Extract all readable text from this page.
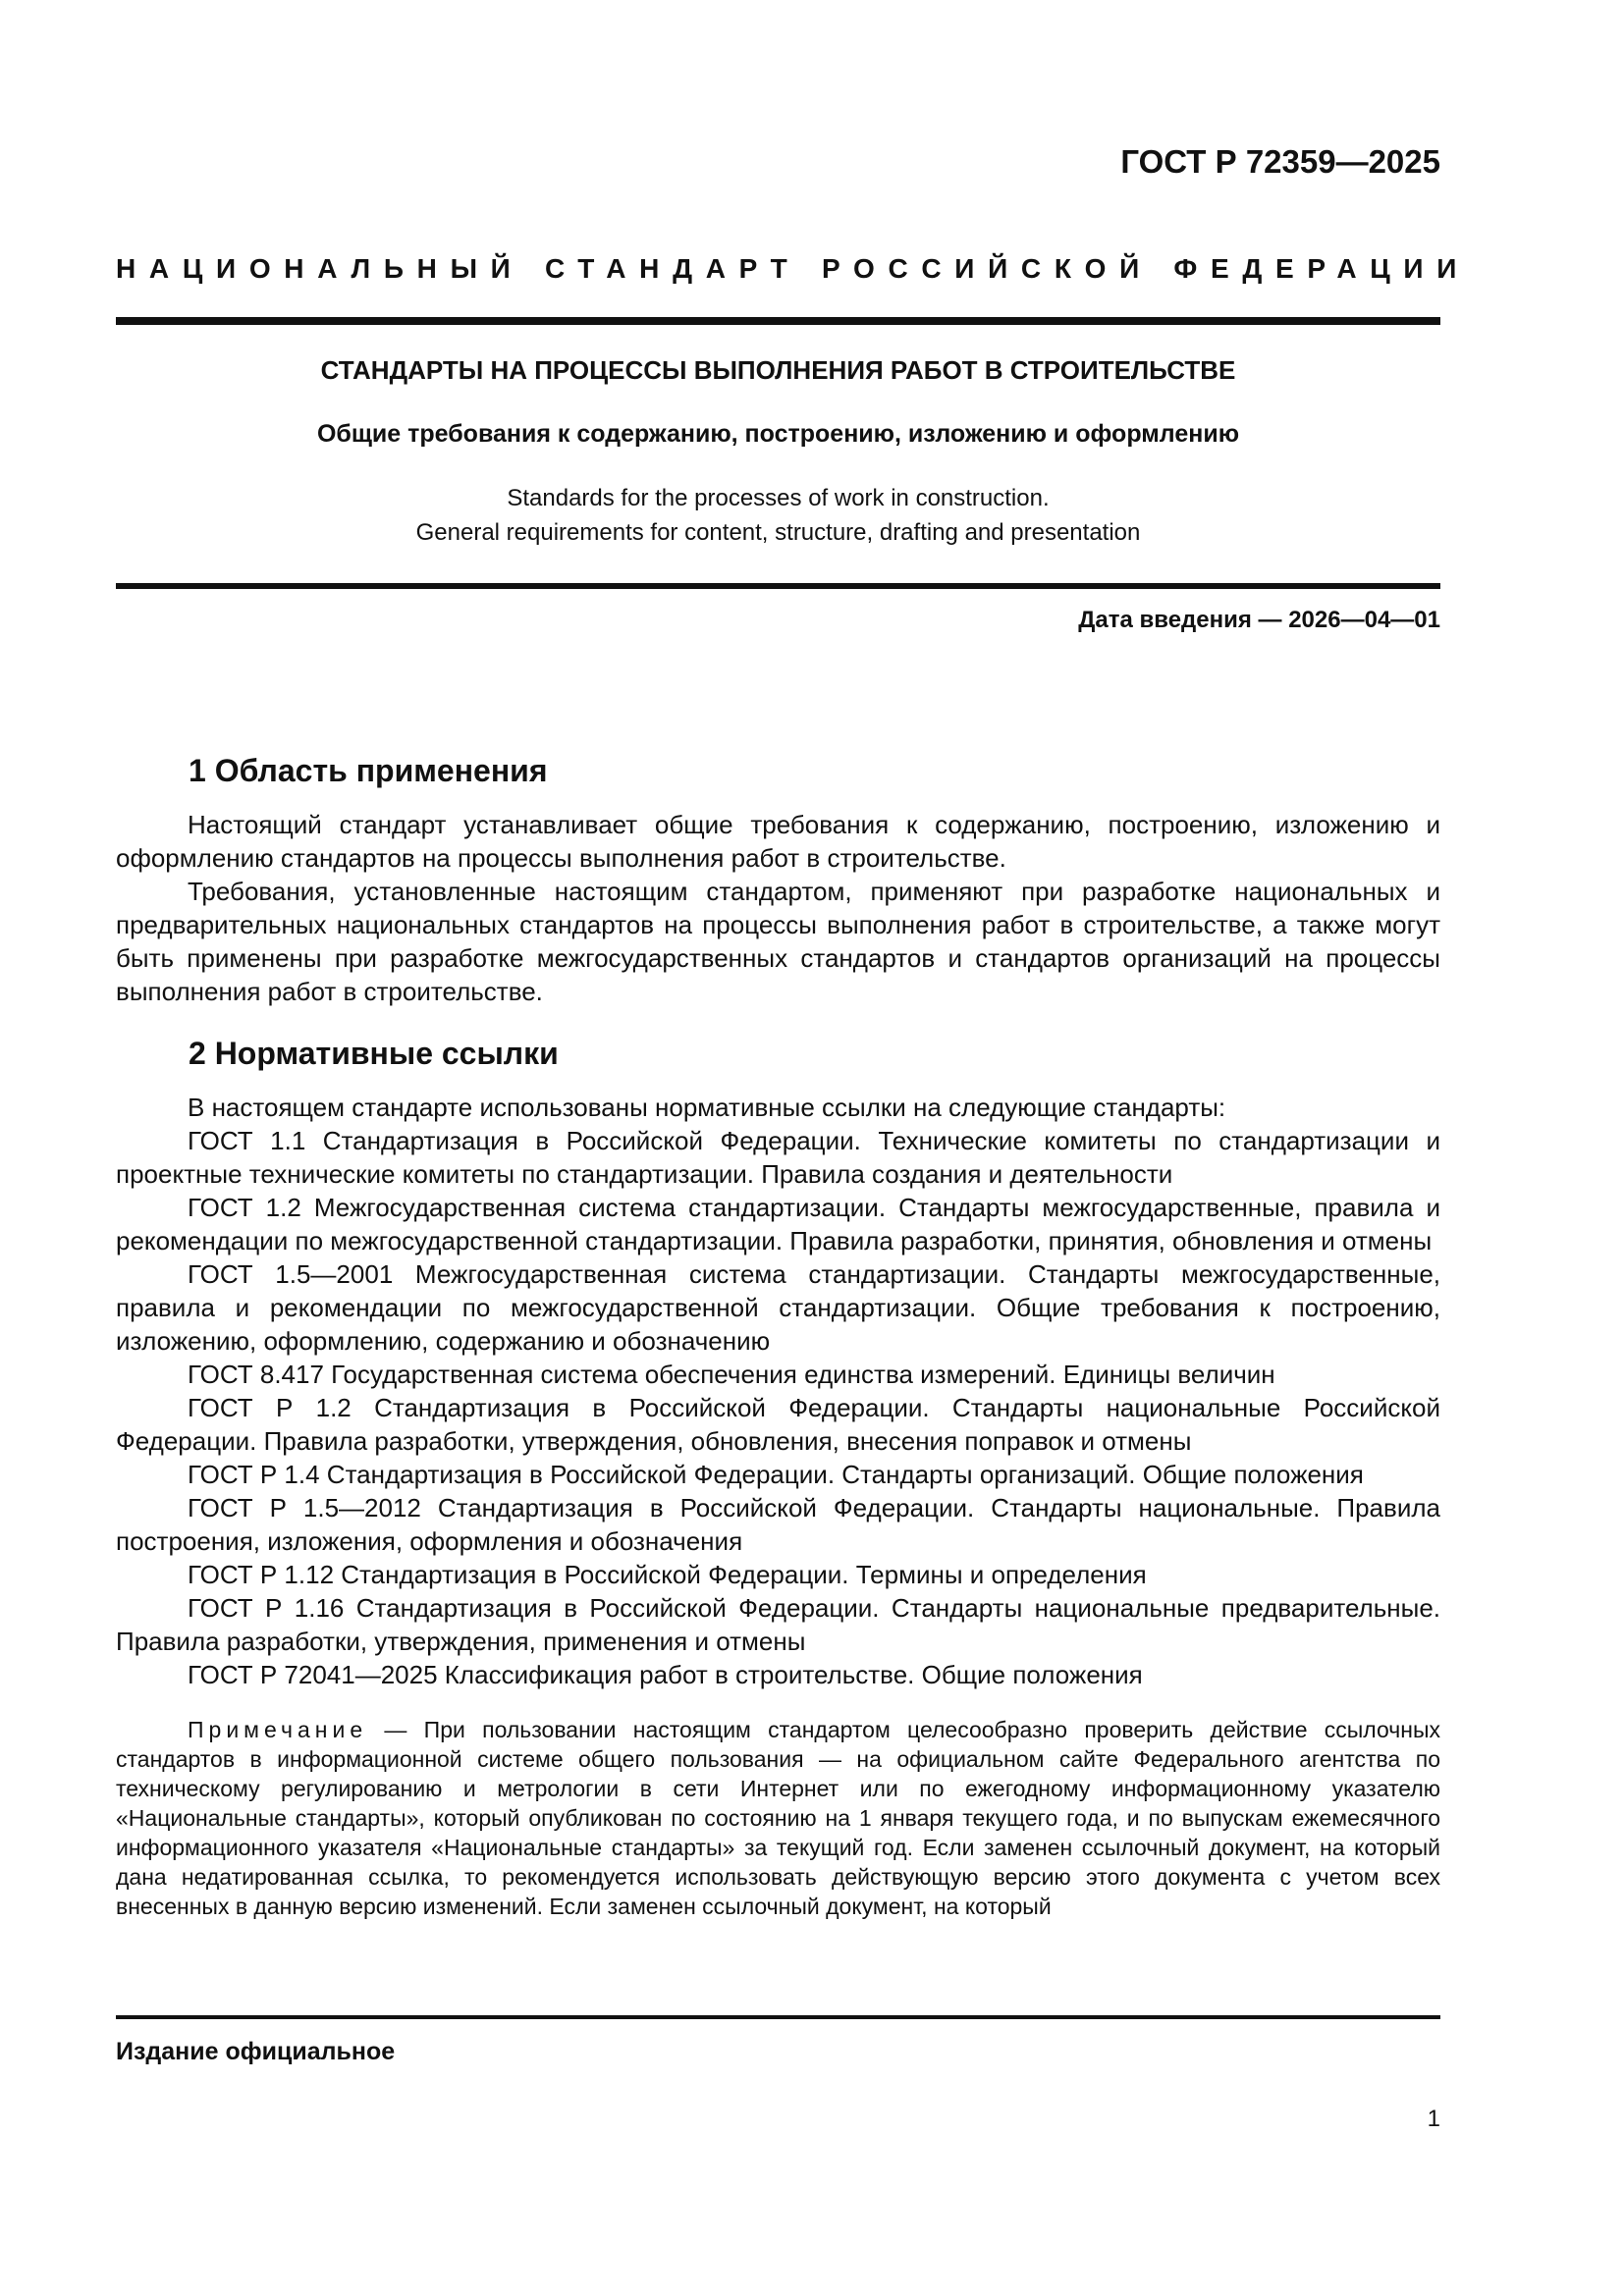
ГОСТ Р 72359—2025
НАЦИОНАЛЬНЫЙ СТАНДАРТ РОССИЙСКОЙ ФЕДЕРАЦИИ
СТАНДАРТЫ НА ПРОЦЕССЫ ВЫПОЛНЕНИЯ РАБОТ В СТРОИТЕЛЬСТВЕ
Общие требования к содержанию, построению, изложению и оформлению
Standards for the processes of work in construction.
General requirements for content, structure, drafting and presentation
Дата введения — 2026—04—01
1 Область применения

Настоящий стандарт устанавливает общие требования к содержанию, построению, изложению и оформлению стандартов на процессы выполнения работ в строительстве.

Требования, установленные настоящим стандартом, применяют при разработке национальных и предварительных национальных стандартов на процессы выполнения работ в строительстве, а также могут быть применены при разработке межгосударственных стандартов и стандартов организаций на процессы выполнения работ в строительстве.

2 Нормативные ссылки

В настоящем стандарте использованы нормативные ссылки на следующие стандарты:

ГОСТ 1.1 Стандартизация в Российской Федерации. Технические комитеты по стандартизации и проектные технические комитеты по стандартизации. Правила создания и деятельности

ГОСТ 1.2 Межгосударственная система стандартизации. Стандарты межгосударственные, правила и рекомендации по межгосударственной стандартизации. Правила разработки, принятия, обновления и отмены

ГОСТ 1.5—2001 Межгосударственная система стандартизации. Стандарты межгосударственные, правила и рекомендации по межгосударственной стандартизации. Общие требования к построению, изложению, оформлению, содержанию и обозначению

ГОСТ 8.417 Государственная система обеспечения единства измерений. Единицы величин

ГОСТ Р 1.2 Стандартизация в Российской Федерации. Стандарты национальные Российской Федерации. Правила разработки, утверждения, обновления, внесения поправок и отмены

ГОСТ Р 1.4 Стандартизация в Российской Федерации. Стандарты организаций. Общие положения

ГОСТ Р 1.5—2012 Стандартизация в Российской Федерации. Стандарты национальные. Правила построения, изложения, оформления и обозначения

ГОСТ Р 1.12 Стандартизация в Российской Федерации. Термины и определения

ГОСТ Р 1.16 Стандартизация в Российской Федерации. Стандарты национальные предварительные. Правила разработки, утверждения, применения и отмены

ГОСТ Р 72041—2025 Классификация работ в строительстве. Общие положения

Примечание — При пользовании настоящим стандартом целесообразно проверить действие ссылочных стандартов в информационной системе общего пользования — на официальном сайте Федерального агентства по техническому регулированию и метрологии в сети Интернет или по ежегодному информационному указателю «Национальные стандарты», который опубликован по состоянию на 1 января текущего года, и по выпускам ежемесячного информационного указателя «Национальные стандарты» за текущий год. Если заменен ссылочный документ, на который дана недатированная ссылка, то рекомендуется использовать действующую версию этого документа с учетом всех внесенных в данную версию изменений. Если заменен ссылочный документ, на который

Издание официальное
1
